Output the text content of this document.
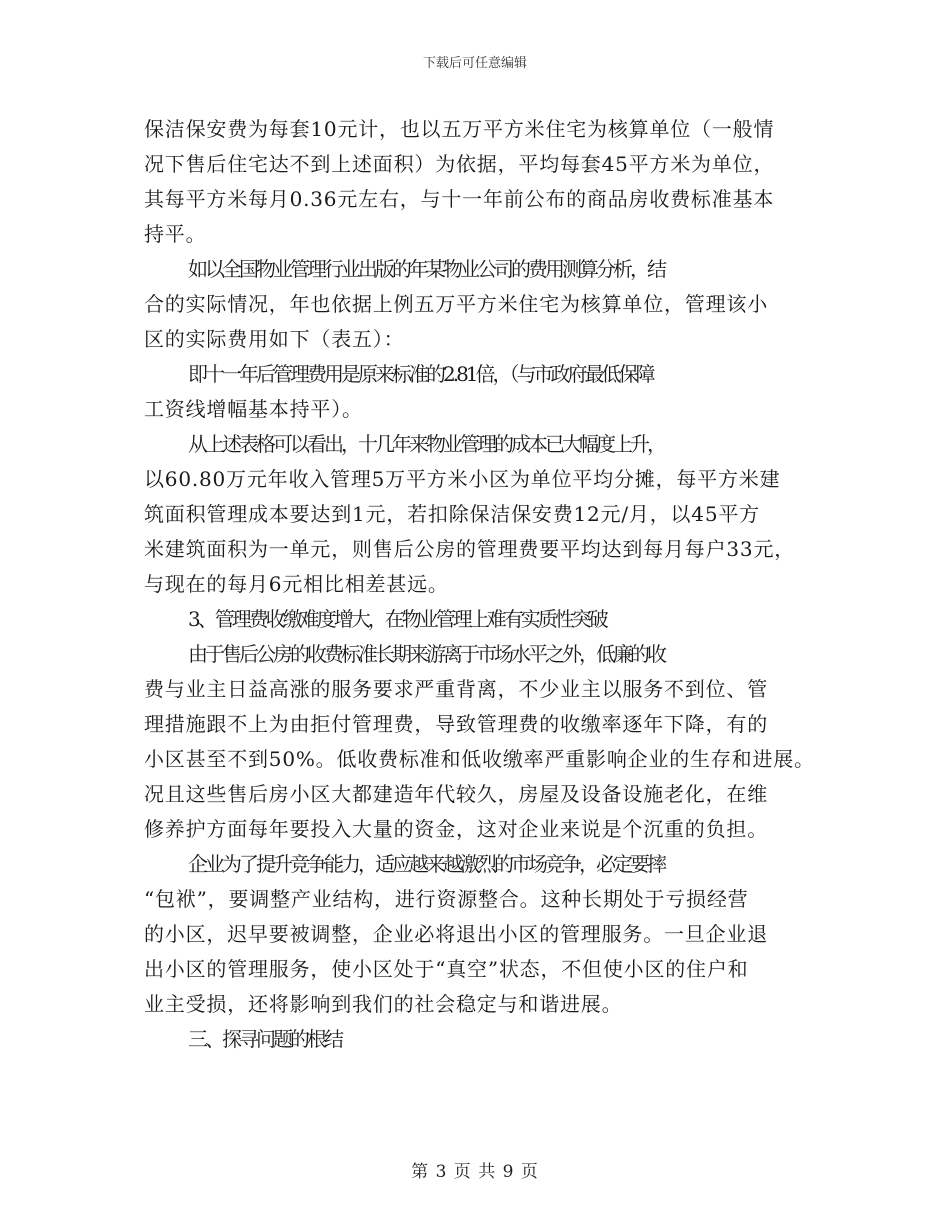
下载后可任意编辑
保洁保安费为每套10元计，也以五万平方米住宅为核算单位（一般情
况下售后住宅达不到上述面积）为依据，平均每套45平方米为单位，
其每平方米每月0.36元左右，与十一年前公布的商品房收费标准基本
持平。
如以全国物业管理行业出版的年某物业公司的费用测算分析，结
合的实际情况，年也依据上例五万平方米住宅为核算单位，管理该小
区的实际费用如下（表五）：
即十一年后管理费用是原来标准的2.81倍，（与市政府最低保障
工资线增幅基本持平）。
从上述表格可以看出，十几年来物业管理的成本已大幅度上升，
以60.80万元年收入管理5万平方米小区为单位平均分摊，每平方米建
筑面积管理成本要达到1元，若扣除保洁保安费12元/月，以45平方
米建筑面积为一单元，则售后公房的管理费要平均达到每月每户33元，
与现在的每月6元相比相差甚远。
3、管理费收缴难度增大，在物业管理上难有实质性突破
由于售后公房的收费标准长期来游离于市场水平之外，低廉的收
费与业主日益高涨的服务要求严重背离，不少业主以服务不到位、管
理措施跟不上为由拒付管理费，导致管理费的收缴率逐年下降，有的
小区甚至不到50%。低收费标准和低收缴率严重影响企业的生存和进展。
况且这些售后房小区大都建造年代较久，房屋及设备设施老化，在维
修养护方面每年要投入大量的资金，这对企业来说是个沉重的负担。
企业为了提升竞争能力，适应越来越激烈的市场竞争，必定要摔
“包袱”，要调整产业结构，进行资源整合。这种长期处于亏损经营
的小区，迟早要被调整，企业必将退出小区的管理服务。一旦企业退
出小区的管理服务，使小区处于“真空”状态，不但使小区的住户和
业主受损，还将影响到我们的社会稳定与和谐进展。
三、探寻问题的根结
第 3 页 共 9 页
